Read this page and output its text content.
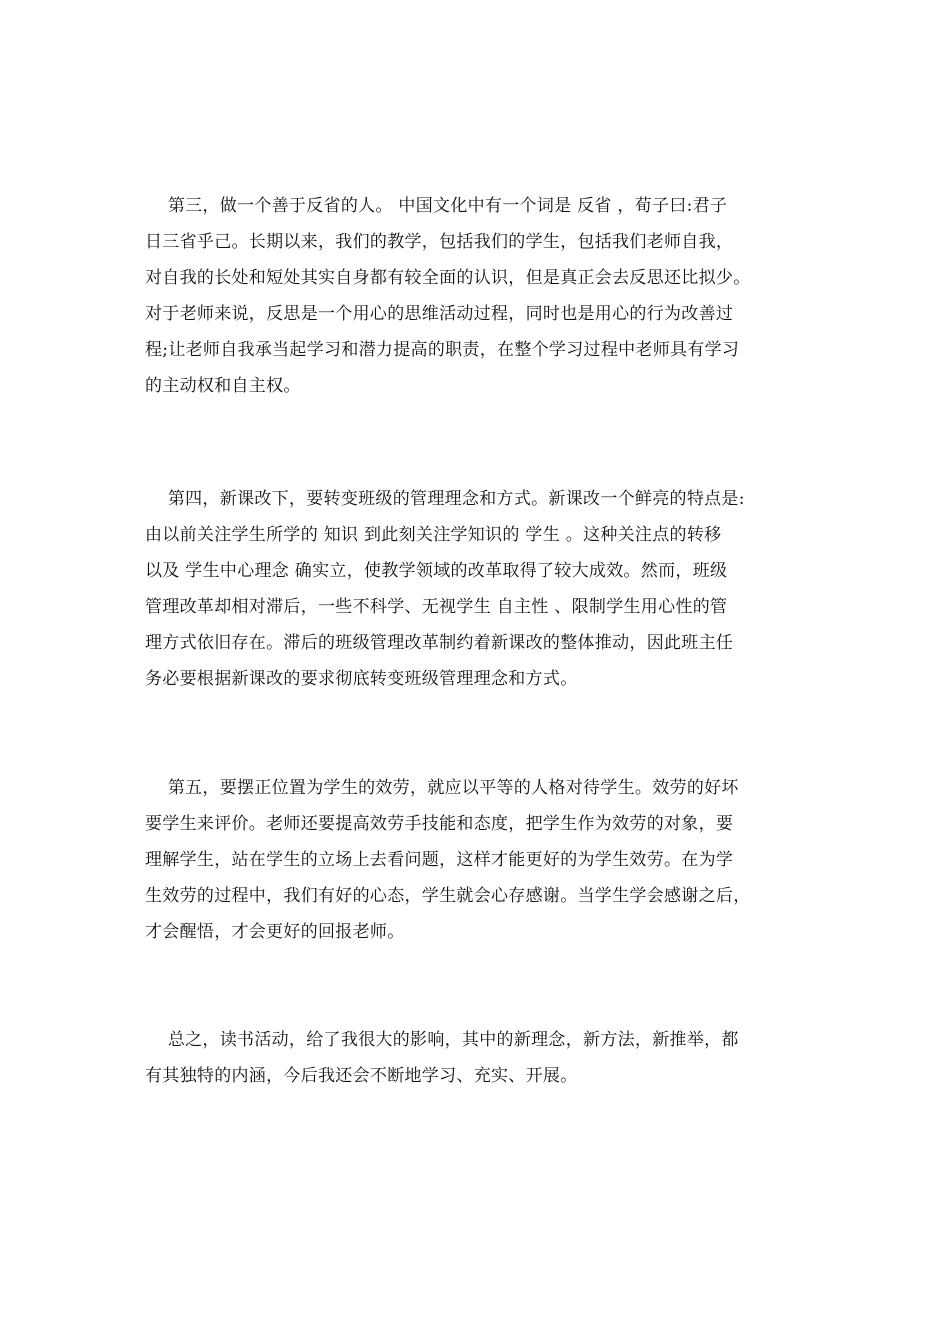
第三，做一个善于反省的人。 中国文化中有一个词是 反省 ，荀子曰:君子
日三省乎己。长期以来，我们的教学，包括我们的学生，包括我们老师自我，
对自我的长处和短处其实自身都有较全面的认识，但是真正会去反思还比拟少。
对于老师来说，反思是一个用心的思维活动过程，同时也是用心的行为改善过
程;让老师自我承当起学习和潜力提高的职责，在整个学习过程中老师具有学习
的主动权和自主权。
第四，新课改下，要转变班级的管理理念和方式。新课改一个鲜亮的特点是:
由以前关注学生所学的 知识 到此刻关注学知识的 学生 。这种关注点的转移
以及 学生中心理念 确实立，使教学领域的改革取得了较大成效。然而，班级
管理改革却相对滞后，一些不科学、无视学生 自主性 、限制学生用心性的管
理方式依旧存在。滞后的班级管理改革制约着新课改的整体推动，因此班主任
务必要根据新课改的要求彻底转变班级管理理念和方式。
第五，要摆正位置为学生的效劳，就应以平等的人格对待学生。效劳的好坏
要学生来评价。老师还要提高效劳手技能和态度，把学生作为效劳的对象，要
理解学生，站在学生的立场上去看问题，这样才能更好的为学生效劳。在为学
生效劳的过程中，我们有好的心态，学生就会心存感谢。当学生学会感谢之后，
才会醒悟，才会更好的回报老师。
总之，读书活动，给了我很大的影响，其中的新理念，新方法，新推举，都
有其独特的内涵，今后我还会不断地学习、充实、开展。
